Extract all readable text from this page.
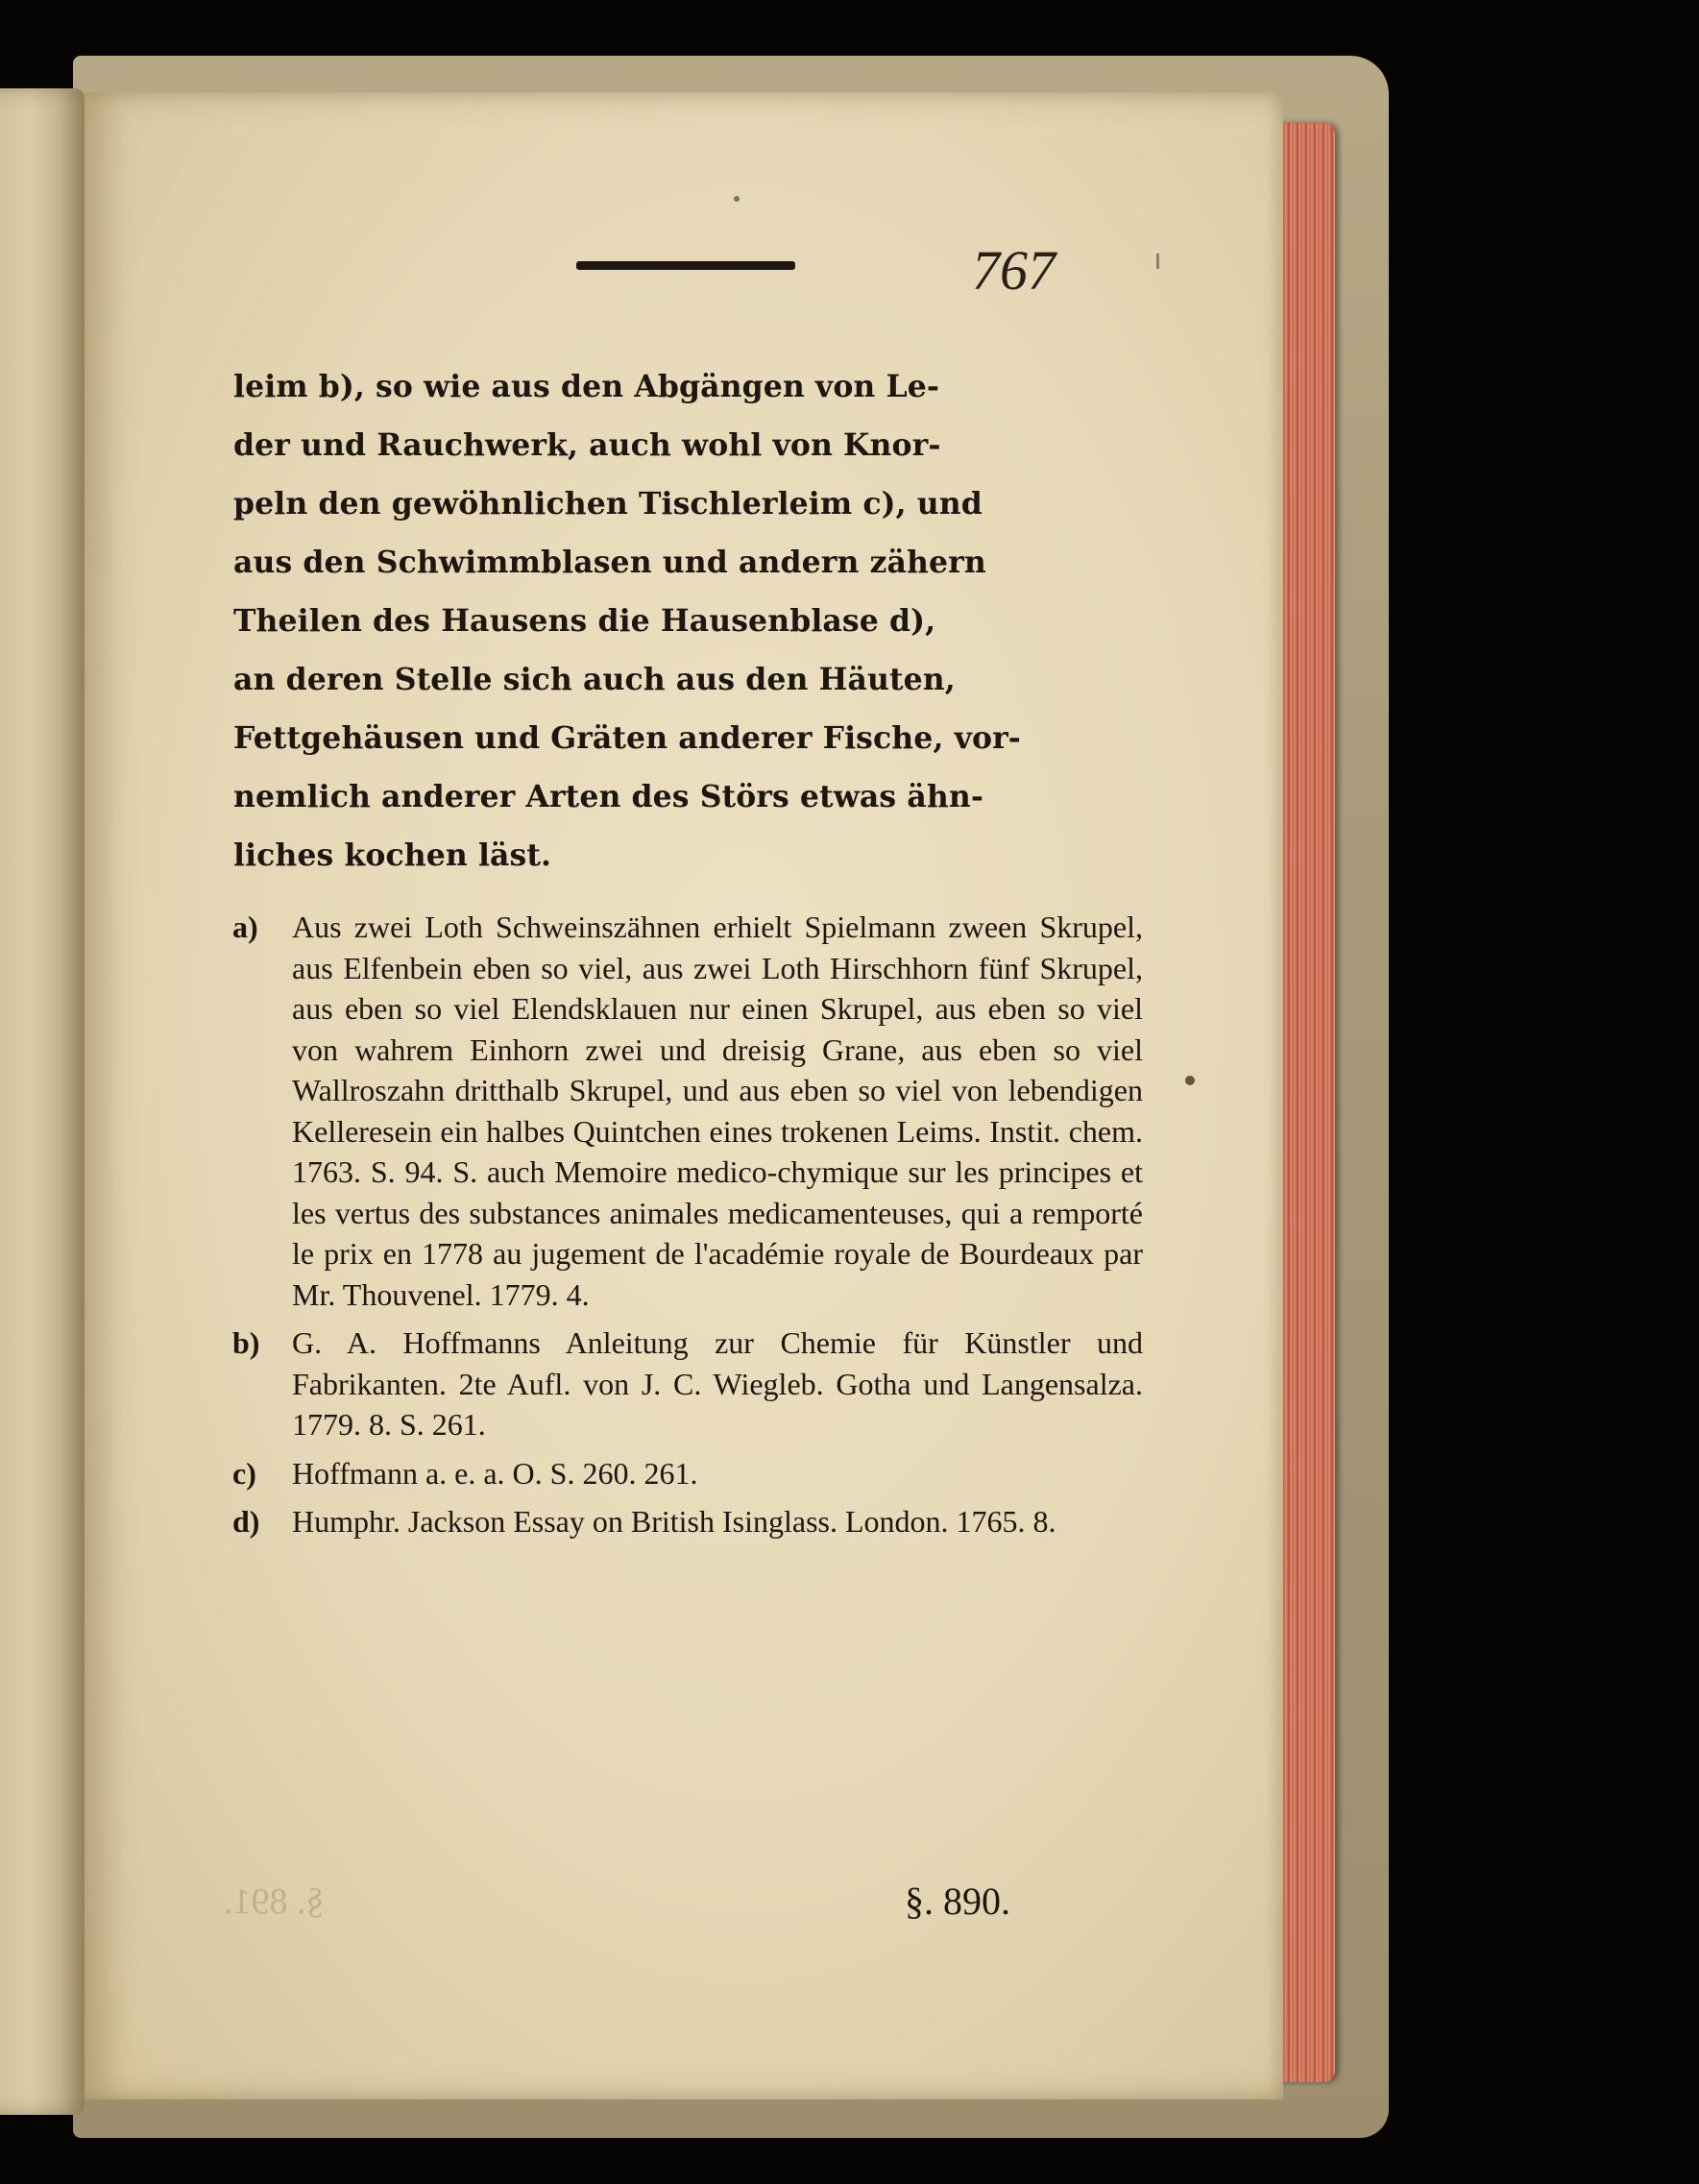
767

leim b), so wie aus den Abgängen von Le-
der und Rauchwerk, auch wohl von Knor-
peln den gewöhnlichen Tischlerleim c), und
aus den Schwimmblasen und andern zähern
Theilen des Hausens die Hausenblase d),
an deren Stelle sich auch aus den Häuten,
Fettgehäusen und Gräten anderer Fische, vor-
nemlich anderer Arten des Störs etwas ähn-
liches kochen läst.

a) Aus zwei Loth Schweinszähnen erhielt Spielmann zween Skrupel, aus Elfenbein eben so viel, aus zwei Loth Hirschhorn fünf Skrupel, aus eben so viel Elendsklauen nur einen Skrupel, aus eben so viel von wahrem Einhorn zwei und dreisig Grane, aus eben so viel Wallroszahn dritthalb Skrupel, und aus eben so viel von lebendigen Kelleresein ein halbes Quintchen eines trokenen Leims. Instit. chem. 1763. S. 94. S. auch Memoire medico-chymique sur les principes et les vertus des substances animales medicamenteuses, qui a remporté le prix en 1778 au jugement de l'académie royale de Bourdeaux par Mr. Thouvenel. 1779. 4.
b) G. A. Hoffmanns Anleitung zur Chemie für Künstler und Fabrikanten. 2te Aufl. von J. C. Wiegleb. Gotha und Langensalza. 1779. 8. S. 261.
c) Hoffmann a. e. a. O. S. 260. 261.
d) Humphr. Jackson Essay on British Isinglass. London. 1765. 8.
§. 891.	§. 890.
